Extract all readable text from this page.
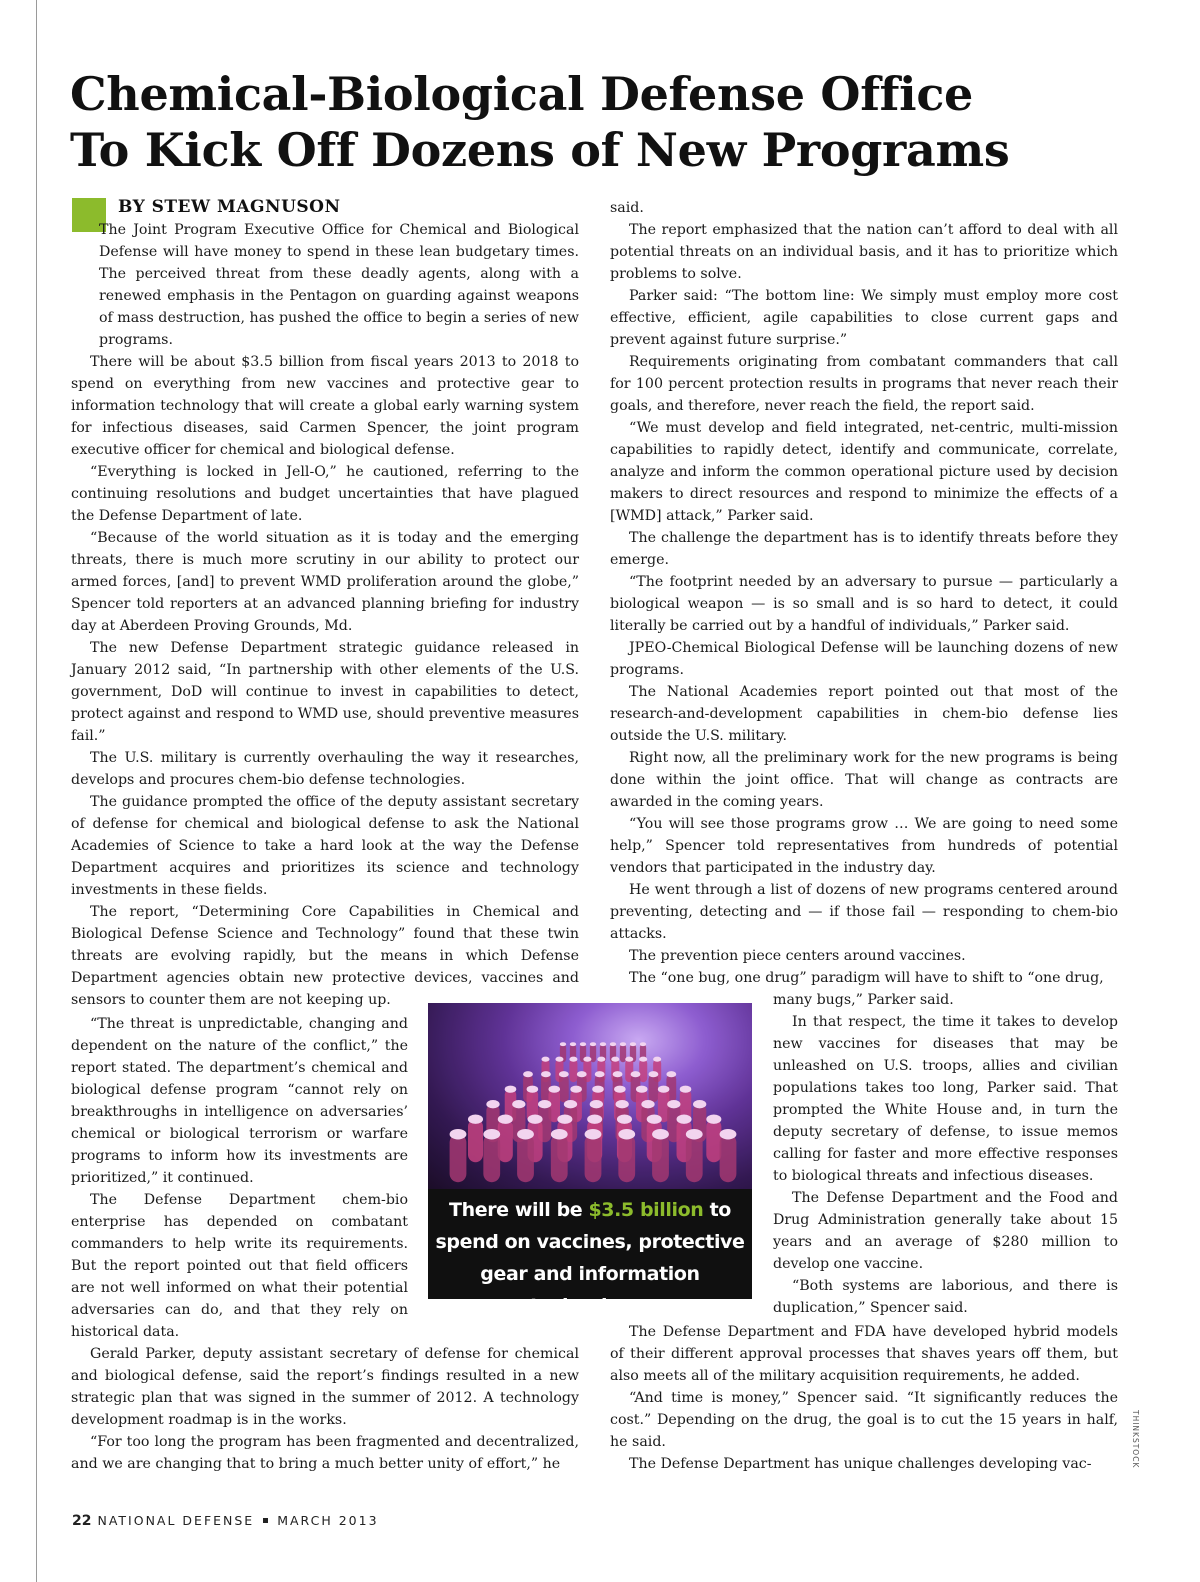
Chemical-Biological Defense Office
To Kick Off Dozens of New Programs
BY STEW MAGNUSON

The Joint Program Executive Office for Chemical and Biological Defense will have money to spend in these lean budgetary times. The perceived threat from these deadly agents, along with a renewed emphasis in the Pentagon on guarding against weapons of mass destruction, has pushed the office to begin a series of new programs.

There will be about $3.5 billion from fiscal years 2013 to 2018 to spend on everything from new vaccines and protective gear to information technology that will create a global early warning system for infectious diseases, said Carmen Spencer, the joint program executive officer for chemical and biological defense.

“Everything is locked in Jell-O,” he cautioned, referring to the continuing resolutions and budget uncertainties that have plagued the Defense Department of late.

“Because of the world situation as it is today and the emerging threats, there is much more scrutiny in our ability to protect our armed forces, [and] to prevent WMD proliferation around the globe,” Spencer told reporters at an advanced planning briefing for industry day at Aberdeen Proving Grounds, Md.

The new Defense Department strategic guidance released in January 2012 said, “In partnership with other elements of the U.S. government, DoD will continue to invest in capabilities to detect, protect against and respond to WMD use, should preventive measures fail.”

The U.S. military is currently overhauling the way it researches, develops and procures chem-bio defense technologies.

The guidance prompted the office of the deputy assistant secretary of defense for chemical and biological defense to ask the National Academies of Science to take a hard look at the way the Defense Department acquires and prioritizes its science and technology investments in these fields.

The report, “Determining Core Capabilities in Chemical and Biological Defense Science and Technology” found that these twin threats are evolving rapidly, but the means in which Defense Department agencies obtain new protective devices, vaccines and sensors to counter them are not keeping up.

“The threat is unpredictable, changing and dependent on the nature of the conflict,” the report stated. The department’s chemical and biological defense program “cannot rely on breakthroughs in intelligence on adversaries’ chemical or biological terrorism or warfare programs to inform how its investments are prioritized,” it continued.

The Defense Department chem-bio enterprise has depended on combatant commanders to help write its requirements. But the report pointed out that field officers are not well informed on what their potential adversaries can do, and that they rely on historical data.

Gerald Parker, deputy assistant secretary of defense for chemical and biological defense, said the report’s findings resulted in a new strategic plan that was signed in the summer of 2012. A technology development roadmap is in the works.

“For too long the program has been fragmented and decentralized, and we are changing that to bring a much better unity of effort,” he

said.

The report emphasized that the nation can’t afford to deal with all potential threats on an individual basis, and it has to prioritize which problems to solve.

Parker said: “The bottom line: We simply must employ more cost effective, efficient, agile capabilities to close current gaps and prevent against future surprise.”

Requirements originating from combatant commanders that call for 100 percent protection results in programs that never reach their goals, and therefore, never reach the field, the report said.

“We must develop and field integrated, net-centric, multi-mission capabilities to rapidly detect, identify and communicate, correlate, analyze and inform the common operational picture used by decision makers to direct resources and respond to minimize the effects of a [WMD] attack,” Parker said.

The challenge the department has is to identify threats before they emerge.

“The footprint needed by an adversary to pursue — particularly a biological weapon — is so small and is so hard to detect, it could literally be carried out by a handful of individuals,” Parker said.

JPEO-Chemical Biological Defense will be launching dozens of new programs.

The National Academies report pointed out that most of the research-and-development capabilities in chem-bio defense lies outside the U.S. military.

Right now, all the preliminary work for the new programs is being done within the joint office. That will change as contracts are awarded in the coming years.

“You will see those programs grow … We are going to need some help,” Spencer told representatives from hundreds of potential vendors that participated in the industry day.

He went through a list of dozens of new programs centered around preventing, detecting and — if those fail — responding to chem-bio attacks.

The prevention piece centers around vaccines.

The “one bug, one drug” paradigm will have to shift to “one drug,

many bugs,” Parker said.

In that respect, the time it takes to develop new vaccines for diseases that may be unleashed on U.S. troops, allies and civilian populations takes too long, Parker said. That prompted the White House and, in turn the deputy secretary of defense, to issue memos calling for faster and more effective responses to biological threats and infectious diseases.

The Defense Department and the Food and Drug Administration generally take about 15 years and an average of $280 million to develop one vaccine.

“Both systems are laborious, and there is duplication,” Spencer said.

The Defense Department and FDA have developed hybrid models of their different approval processes that shaves years off them, but also meets all of the military acquisition requirements, he added.

“And time is money,” Spencer said. “It significantly reduces the cost.” Depending on the drug, the goal is to cut the 15 years in half, he said.

The Defense Department has unique challenges developing vac-

There will be $3.5 billion to spend on vaccines, protective gear and information technology.
THINKSTOCK
22 NATIONAL DEFENSE MARCH 2013
